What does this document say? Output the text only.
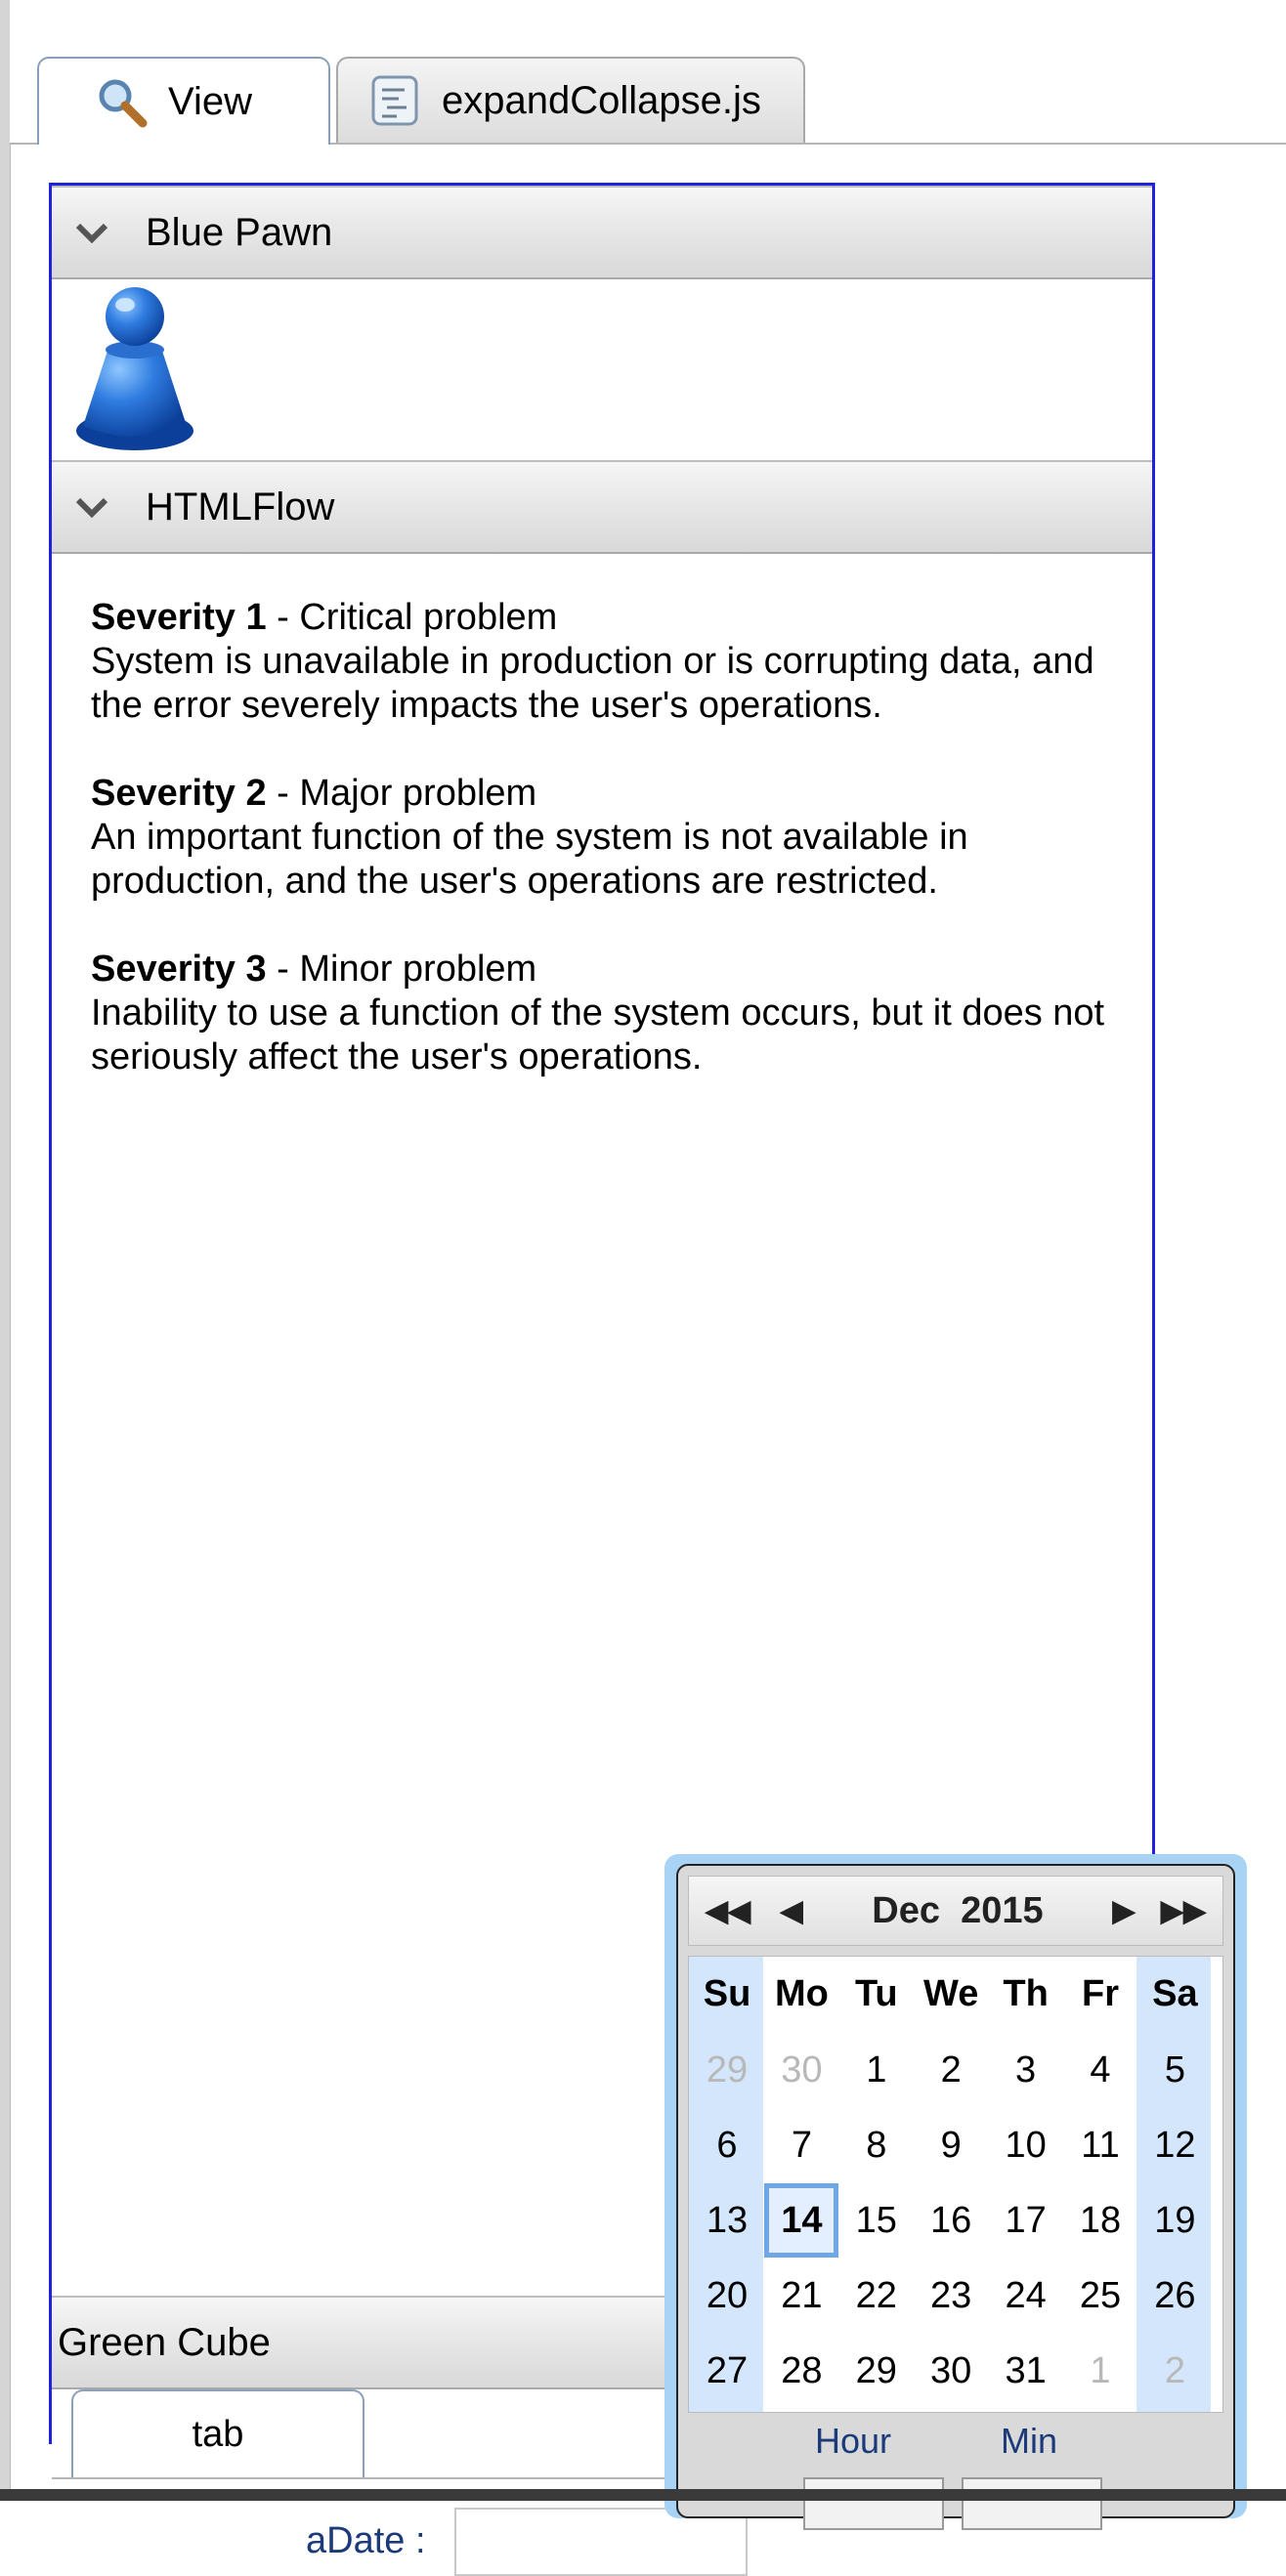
View	expandCollapse.js
Blue Pawn
HTMLFlow
Severity 1 - Critical problem
System is unavailable in production or is corrupting data, and the error severely impacts the user's operations.
Severity 2 - Major problem
An important function of the system is not available in production, and the user's operations are restricted.
Severity 3 - Minor problem
Inability to use a function of the system occurs, but it does not seriously affect the user's operations.
Green Cube
tab
aDate :
◀◀	◀	Dec 2015	▶ ▶▶
Su Mo Tu We Th Fr Sa
29 30	1	2	3	4	5
6	7	8	9	10 11 12
13 14 15 16 17 18 19
20 21 22 23 24 25 26
27 28 29 30 31	1	2
Hour	Min
